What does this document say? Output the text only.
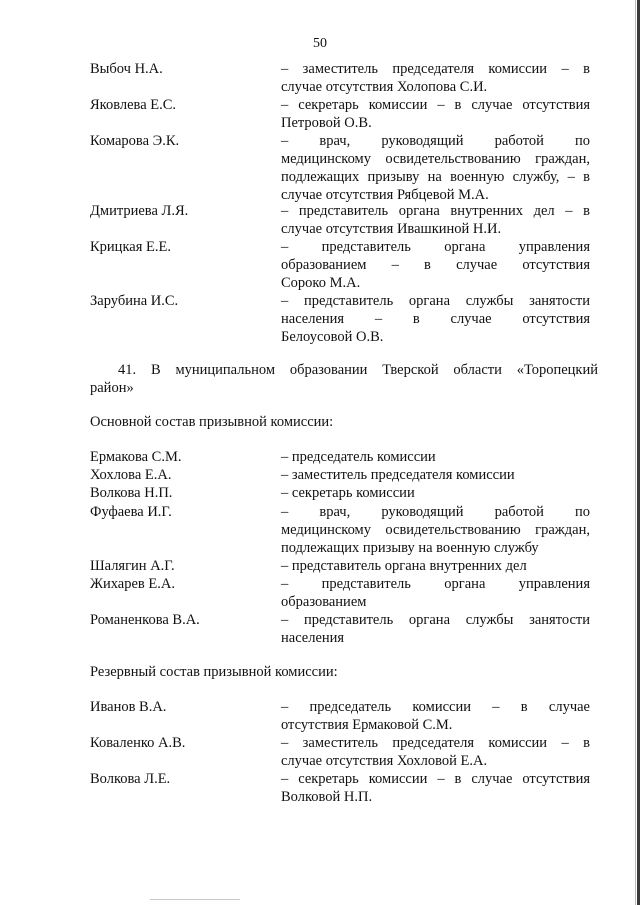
50
Выбоч Н.А.	– заместитель председателя комиссии – в
случае отсутствия Холопова С.И.
Яковлева Е.С.	– секретарь комиссии – в случае отсутствия
Петровой О.В.
Комарова Э.К.	– врач, руководящий работой по
медицинскому освидетельствованию граждан,
подлежащих призыву на военную службу, – в
случае отсутствия Рябцевой М.А.
Дмитриева Л.Я.	– представитель органа внутренних дел – в
случае отсутствия Ивашкиной Н.И.
Крицкая Е.Е.	– представитель органа управления
образованием – в случае отсутствия
Сороко М.А.
Зарубина И.С.	– представитель органа службы занятости
населения – в случае отсутствия
Белоусовой О.В.
41. В муниципальном образовании Тверской области «Торопецкий
район»
Основной состав призывной комиссии:
Ермакова С.М.	– председатель комиссии
Хохлова Е.А.	– заместитель председателя комиссии
Волкова Н.П.	– секретарь комиссии
Фуфаева И.Г.	– врач, руководящий работой по
медицинскому освидетельствованию граждан,
подлежащих призыву на военную службу
Шалягин А.Г.	– представитель органа внутренних дел
Жихарев Е.А.	– представитель органа управления
образованием
Романенкова В.А.	– представитель органа службы занятости
населения
Резервный состав призывной комиссии:
Иванов В.А.	– председатель комиссии – в случае
отсутствия Ермаковой С.М.
Коваленко А.В.	– заместитель председателя комиссии – в
случае отсутствия Хохловой Е.А.
Волкова Л.Е.	– секретарь комиссии – в случае отсутствия
Волковой Н.П.
